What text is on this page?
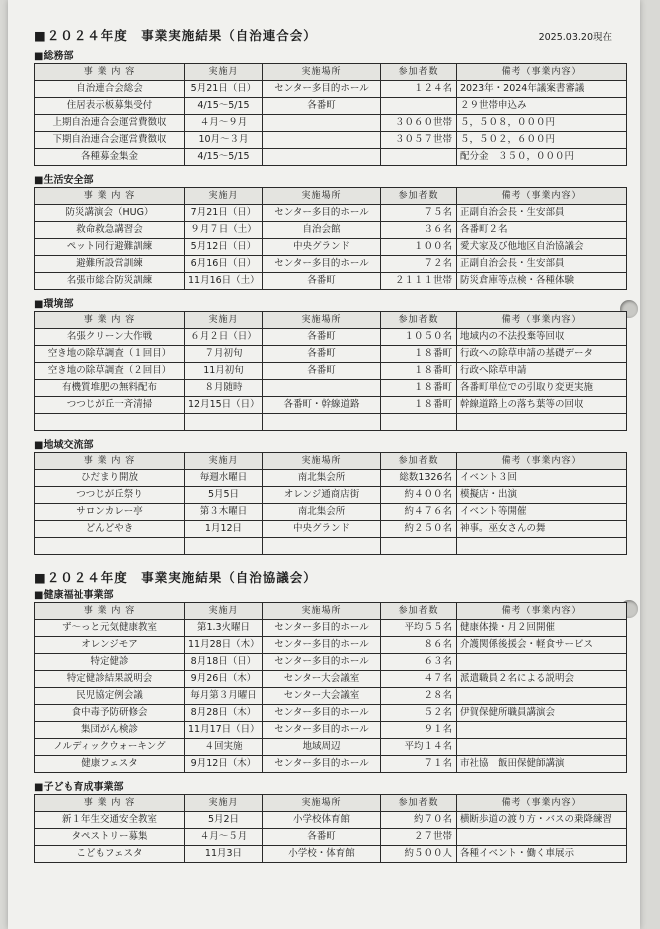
■２０２４年度　事業実施結果（自治連合会）	2025.03.20現在
■総務部
事 業 内 容	実施月	実施場所	参加者数	備考（事業内容）
自治連合会総会	5月21日（日）	センター多目的ホール	１２４名	2023年・2024年議案書審議
住居表示板募集受付	4/15～5/15	各番町		２９世帯申込み
上期自治連合会運営費徴収	４月～９月		３０６０世帯	５，５０８，０００円
下期自治連合会運営費徴収	10月～３月		３０５７世帯	５，５０２，６００円
各種募金集金	4/15～5/15			配分金　３５０，０００円
■生活安全部
事 業 内 容	実施月	実施場所	参加者数	備考（事業内容）
防災講演会（HUG）	7月21日（日）	センター多目的ホール	７５名	正副自治会長・生安部員
救命救急講習会	９月７日（土）	自治会館	３６名	各番町２名
ペット同行避難訓練	5月12日（日）	中央グランド	１００名	愛犬家及び他地区自治協議会
避難所設営訓練	6月16日（日）	センター多目的ホール	７２名	正副自治会長・生安部員
名張市総合防災訓練	11月16日（土）	各番町	２１１１世帯	防災倉庫等点検・各種体験
■環境部
事 業 内 容	実施月	実施場所	参加者数	備考（事業内容）
名張クリーン大作戦	６月２日（日）	各番町	１０５０名	地域内の不法投棄等回収
空き地の除草調査（１回目）	７月初旬	各番町	１８番町	行政への除草申請の基礎データ
空き地の除草調査（２回目）	11月初旬	各番町	１８番町	行政へ除草申請
有機質堆肥の無料配布	８月随時		１８番町	各番町単位での引取り変更実施
つつじが丘一斉清掃	12月15日（日）	各番町・幹線道路	１８番町	幹線道路上の落ち葉等の回収

■地域交流部
事 業 内 容	実施月	実施場所	参加者数	備考（事業内容）
ひだまり開放	毎週水曜日	南北集会所	総数1326名	イベント３回
つつじが丘祭り	5月5日	オレンジ通商店街	約４００名	模擬店・出演
サロンカレー亭	第３木曜日	南北集会所	約４７６名	イベント等開催
どんどやき	1月12日	中央グランド	約２５０名	神事。巫女さんの舞

■２０２４年度　事業実施結果（自治協議会）
■健康福祉事業部
事 業 内 容	実施月	実施場所	参加者数	備考（事業内容）
ず～っと元気健康教室	第1.3火曜日	センター多目的ホール	平均５５名	健康体操・月２回開催
オレンジモア	11月28日（木）	センター多目的ホール	８６名	介護関係後援会・軽食サービス
特定健診	8月18日（日）	センター多目的ホール	６３名	
特定健診結果説明会	9月26日（木）	センター大会議室	４７名	派遣職員２名による説明会
民児協定例会議	毎月第３月曜日	センター大会議室	２８名	
食中毒予防研修会	8月28日（木）	センター多目的ホール	５２名	伊賀保健所職員講演会
集団がん検診	11月17日（日）	センター多目的ホール	９１名	
ノルディックウォーキング	４回実施	地域周辺	平均１４名	
健康フェスタ	9月12日（木）	センター多目的ホール	７１名	市社協　飯田保健師講演
■子ども育成事業部
事 業 内 容	実施月	実施場所	参加者数	備考（事業内容）
新１年生交通安全教室	5月2日	小学校体育館	約７０名	横断歩道の渡り方・バスの乗降練習
タペストリー募集	４月～５月	各番町	２７世帯	
こどもフェスタ	11月3日	小学校・体育館	約５００人	各種イベント・働く車展示
